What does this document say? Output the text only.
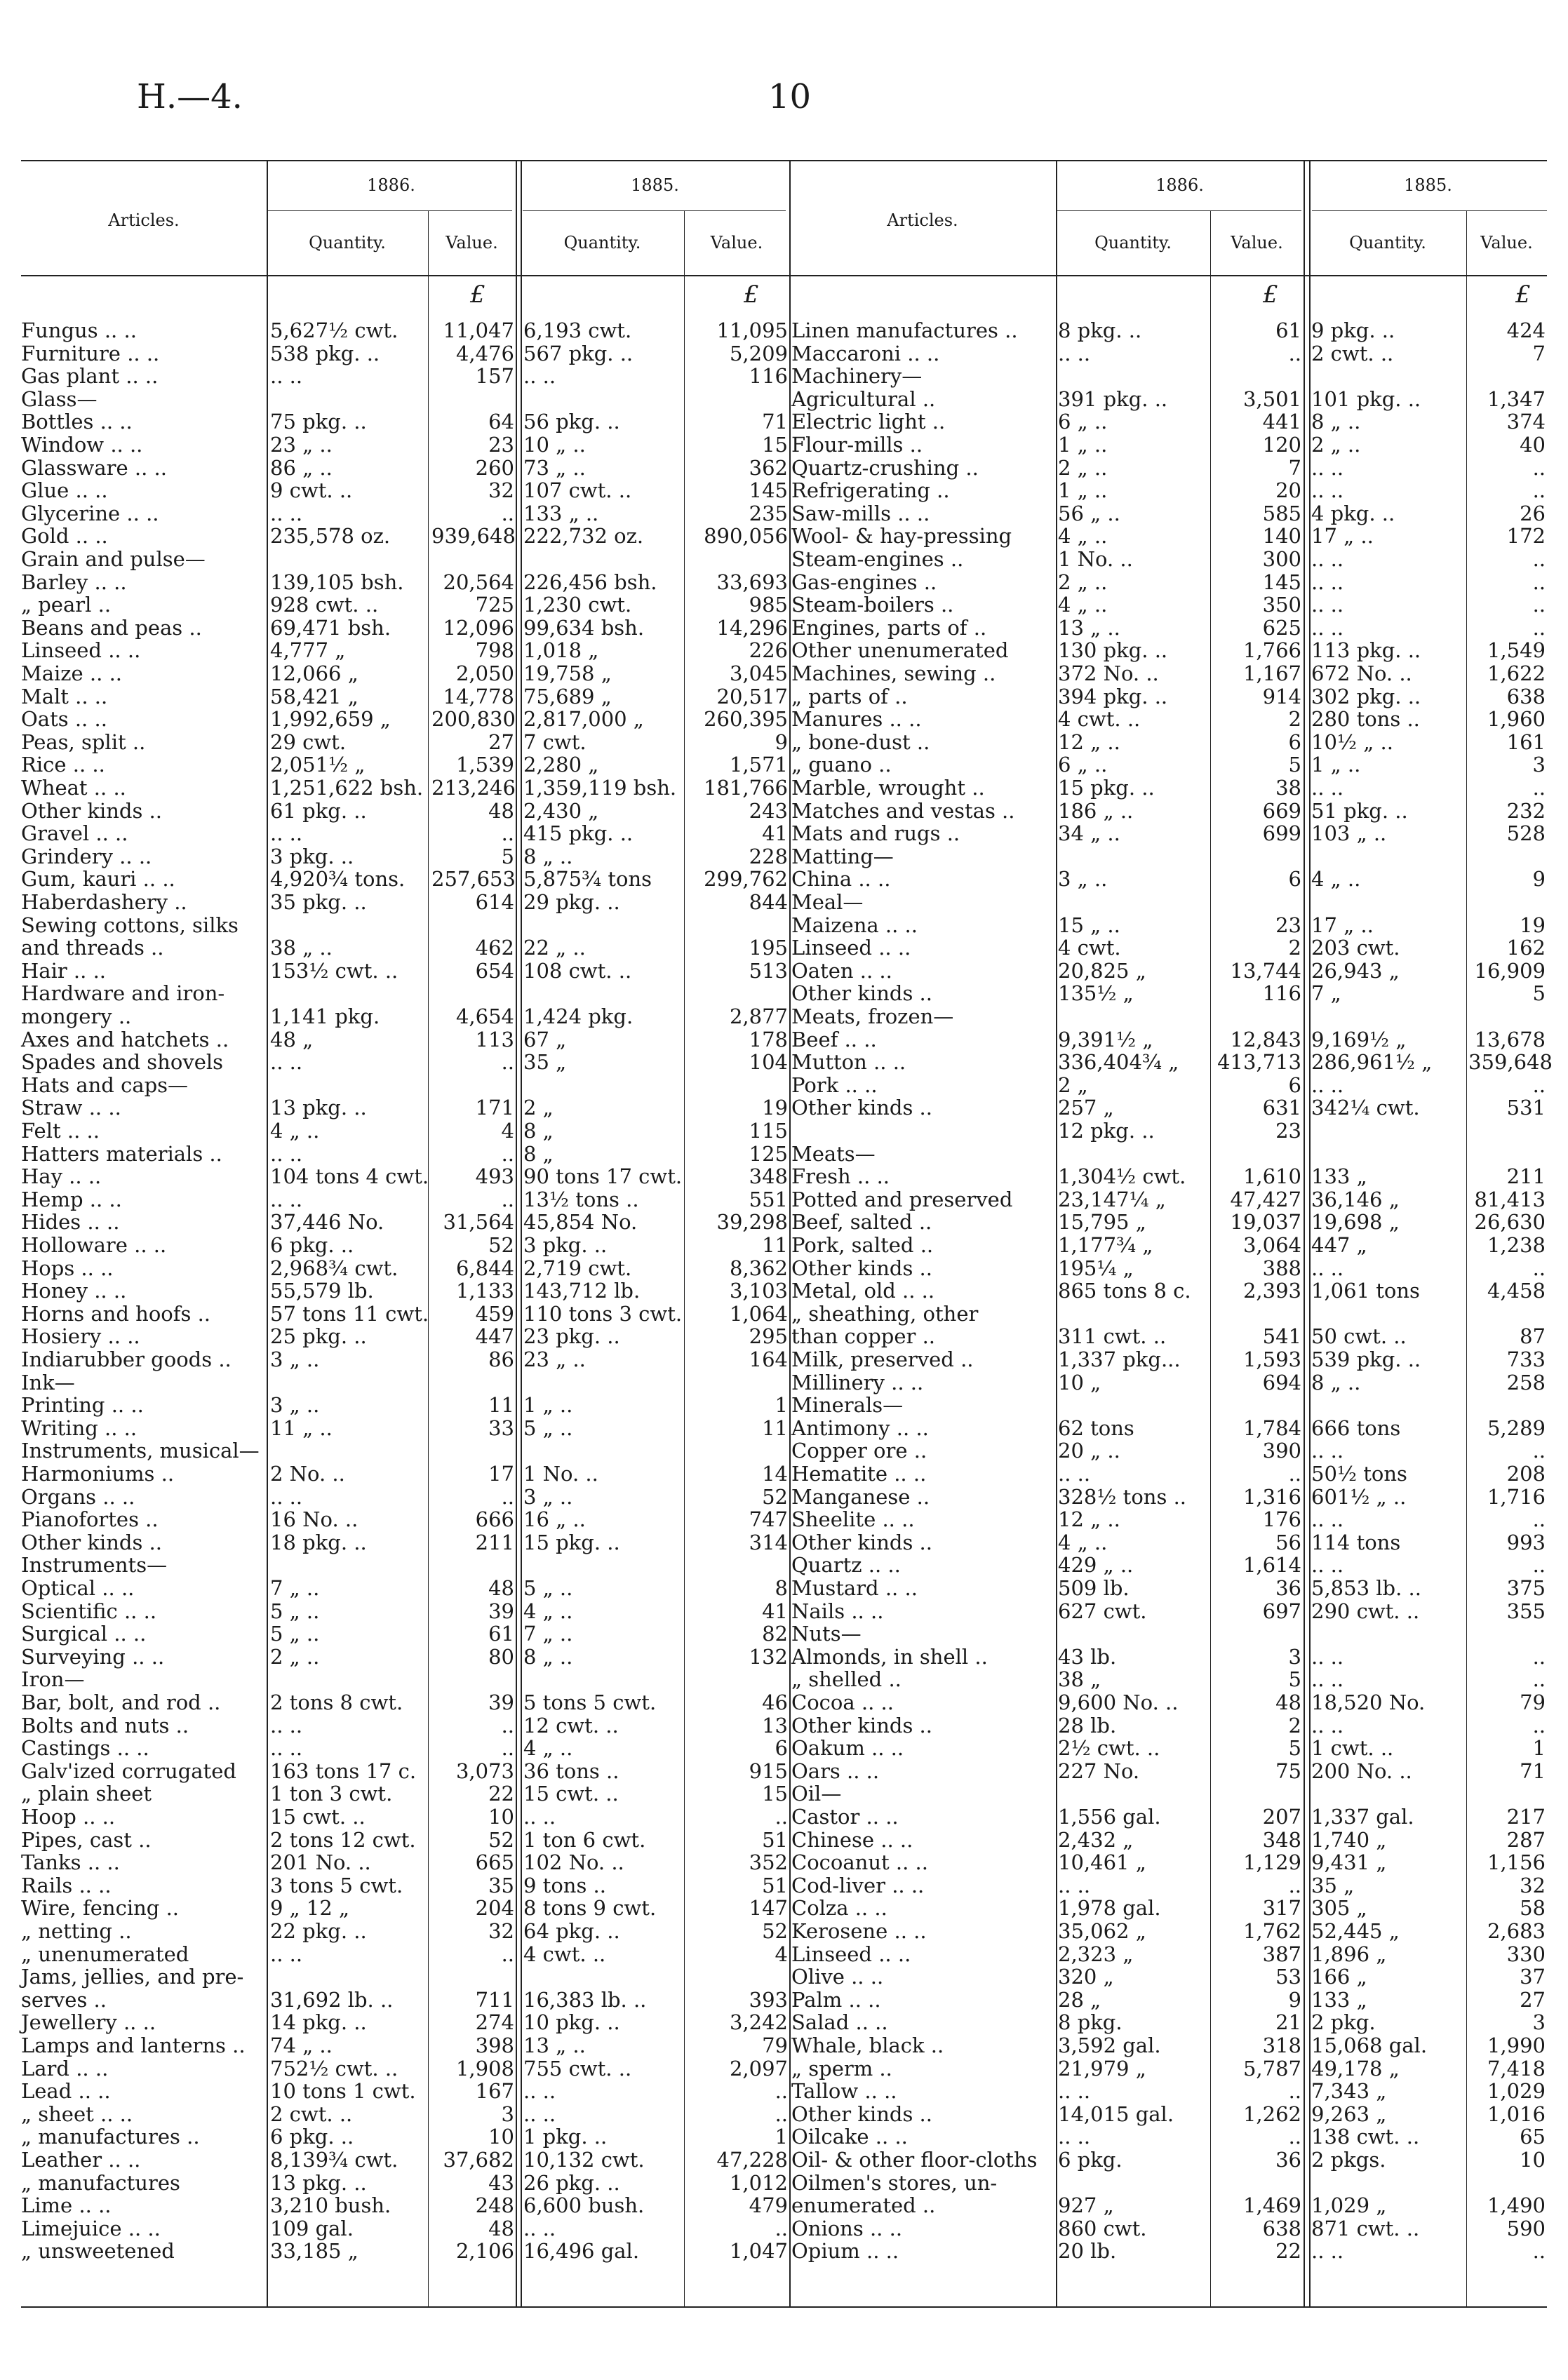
H.—4.	10
Articles.
1886.	1885.
Quantity.	Value.	Quantity.	Value.
Articles.
1886.	1885.
Quantity.	Value.	Quantity.	Value.
£	£	£	£
Fungus .. ..	5,627½ cwt.	11,047 6,193 cwt.	11,095
Furniture .. ..	538 pkg. ..	4,476 567 pkg. ..	5,209
Gas plant .. ..	.. ..	157 .. ..	116
Glass—
Bottles .. ..	75 pkg. ..	64 56 pkg. ..	71
Window .. ..	23 „ ..	23 10 „ ..	15
Glassware .. ..	86 „ ..	260 73 „ ..	362
Glue .. ..	9 cwt. ..	32 107 cwt. ..	145
Glycerine .. ..	.. ..	.. 133 „ ..	235
Gold .. ..	235,578 oz.	939,648 222,732 oz.	890,056
Grain and pulse—
Barley .. ..	139,105 bsh.	20,564 226,456 bsh.	33,693
„ pearl ..	928 cwt. ..	725 1,230 cwt.	985
Beans and peas ..	69,471 bsh.	12,096 99,634 bsh.	14,296
Linseed .. ..	4,777 „	798 1,018 „	226
Maize .. ..	12,066 „	2,050 19,758 „	3,045
Malt .. ..	58,421 „	14,778 75,689 „	20,517
Oats .. ..	1,992,659 „	200,830 2,817,000 „	260,395
Peas, split ..	29 cwt.	27 7 cwt.	9
Rice .. ..	2,051½ „	1,539 2,280 „	1,571
Wheat .. ..	1,251,622 bsh. 213,246 1,359,119 bsh.	181,766
Other kinds ..	61 pkg. ..	48 2,430 „	243
Gravel .. ..	.. ..	.. 415 pkg. ..	41
Grindery .. ..	3 pkg. ..	5 8 „ ..	228
Gum, kauri .. ..	4,920¾ tons.	257,653 5,875¾ tons	299,762
Haberdashery ..	35 pkg. ..	614 29 pkg. ..	844
Sewing cottons, silks
and threads ..	38 „ ..	462 22 „ ..	195
Hair .. ..	153½ cwt. ..	654 108 cwt. ..	513
Hardware and iron-
mongery ..	1,141 pkg.	4,654 1,424 pkg.	2,877
Axes and hatchets ..	48 „	113 67 „	178
Spades and shovels	.. ..	.. 35 „	104
Hats and caps—
Straw .. ..	13 pkg. ..	171 2 „	19
Felt .. ..	4 „ ..	4 8 „	115
Hatters materials ..	.. ..	.. 8 „	125
Hay .. ..	104 tons 4 cwt.	493 90 tons 17 cwt.	348
Hemp .. ..	.. ..	.. 13½ tons ..	551
Hides .. ..	37,446 No.	31,564 45,854 No.	39,298
Holloware .. ..	6 pkg. ..	52 3 pkg. ..	11
Hops .. ..	2,968¾ cwt.	6,844 2,719 cwt.	8,362
Honey .. ..	55,579 lb.	1,133 143,712 lb.	3,103
Horns and hoofs ..	57 tons 11 cwt.	459 110 tons 3 cwt.	1,064
Hosiery .. ..	25 pkg. ..	447 23 pkg. ..	295
Indiarubber goods ..	3 „ ..	86 23 „ ..	164
Ink—
Printing .. ..	3 „ ..	11 1 „ ..	1
Writing .. ..	11 „ ..	33 5 „ ..	11
Instruments, musical—
Harmoniums ..	2 No. ..	17 1 No. ..	14
Organs .. ..	.. ..	.. 3 „ ..	52
Pianofortes ..	16 No. ..	666 16 „ ..	747
Other kinds ..	18 pkg. ..	211 15 pkg. ..	314
Instruments—
Optical .. ..	7 „ ..	48 5 „ ..	8
Scientific .. ..	5 „ ..	39 4 „ ..	41
Surgical .. ..	5 „ ..	61 7 „ ..	82
Surveying .. ..	2 „ ..	80 8 „ ..	132
Iron—
Bar, bolt, and rod ..	2 tons 8 cwt.	39 5 tons 5 cwt.	46
Bolts and nuts ..	.. ..	.. 12 cwt. ..	13
Castings .. ..	.. ..	.. 4 „ ..	6
Galv'ized corrugated	163 tons 17 c.	3,073 36 tons ..	915
„ plain sheet	1 ton 3 cwt.	22 15 cwt. ..	15
Hoop .. ..	15 cwt. ..	10 .. ..	..
Pipes, cast ..	2 tons 12 cwt.	52 1 ton 6 cwt.	51
Tanks .. ..	201 No. ..	665 102 No. ..	352
Rails .. ..	3 tons 5 cwt.	35 9 tons ..	51
Wire, fencing ..	9 „ 12 „	204 8 tons 9 cwt.	147
„ netting ..	22 pkg. ..	32 64 pkg. ..	52
„ unenumerated	.. ..	.. 4 cwt. ..	4
Jams, jellies, and pre-
serves ..	31,692 lb. ..	711 16,383 lb. ..	393
Jewellery .. ..	14 pkg. ..	274 10 pkg. ..	3,242
Lamps and lanterns ..	74 „ ..	398 13 „ ..	79
Lard .. ..	752½ cwt. ..	1,908 755 cwt. ..	2,097
Lead .. ..	10 tons 1 cwt.	167 .. ..	..
„ sheet .. ..	2 cwt. ..	3 .. ..	..
„ manufactures ..	6 pkg. ..	10 1 pkg. ..	1
Leather .. ..	8,139¾ cwt.	37,682 10,132 cwt.	47,228
„ manufactures	13 pkg. ..	43 26 pkg. ..	1,012
Lime .. ..	3,210 bush.	248 6,600 bush.	479
Limejuice .. ..	109 gal.	48 .. ..	..
„ unsweetened	33,185 „	2,106 16,496 gal.	1,047
Linen manufactures ..	8 pkg. ..	61 9 pkg. ..	424
Maccaroni .. ..	.. ..	.. 2 cwt. ..	7
Machinery—
Agricultural ..	391 pkg. ..	3,501 101 pkg. ..	1,347
Electric light ..	6 „ ..	441 8 „ ..	374
Flour-mills ..	1 „ ..	120 2 „ ..	40
Quartz-crushing ..	2 „ ..	7 .. ..	..
Refrigerating ..	1 „ ..	20 .. ..	..
Saw-mills .. ..	56 „ ..	585 4 pkg. ..	26
Wool- & hay-pressing	4 „ ..	140 17 „ ..	172
Steam-engines ..	1 No. ..	300 .. ..	..
Gas-engines ..	2 „ ..	145 .. ..	..
Steam-boilers ..	4 „ ..	350 .. ..	..
Engines, parts of ..	13 „ ..	625 .. ..	..
Other unenumerated	130 pkg. ..	1,766 113 pkg. ..	1,549
Machines, sewing ..	372 No. ..	1,167 672 No. ..	1,622
„ parts of ..	394 pkg. ..	914 302 pkg. ..	638
Manures .. ..	4 cwt. ..	2 280 tons ..	1,960
„ bone-dust ..	12 „ ..	6 10½ „ ..	161
„ guano ..	6 „ ..	5 1 „ ..	3
Marble, wrought ..	15 pkg. ..	38 .. ..	..
Matches and vestas ..	186 „ ..	669 51 pkg. ..	232
Mats and rugs ..	34 „ ..	699 103 „ ..	528
Matting—
China .. ..	3 „ ..	6 4 „ ..	9
Meal—
Maizena .. ..	15 „ ..	23 17 „ ..	19
Linseed .. ..	4 cwt.	2 203 cwt.	162
Oaten .. ..	20,825 „	13,744 26,943 „	16,909
Other kinds ..	135½ „	116 7 „	5
Meats, frozen—
Beef .. ..	9,391½ „	12,843 9,169½ „	13,678
Mutton .. ..	336,404¾ „	413,713 286,961½ „	359,648
Pork .. ..	2 „	6 .. ..	..
Other kinds ..	257 „	631 342¼ cwt.	531
12 pkg. ..	23
Meats—
Fresh .. ..	1,304½ cwt.	1,610 133 „	211
Potted and preserved	23,147¼ „	47,427 36,146 „	81,413
Beef, salted ..	15,795 „	19,037 19,698 „	26,630
Pork, salted ..	1,177¾ „	3,064 447 „	1,238
Other kinds ..	195¼ „	388 .. ..	..
Metal, old .. ..	865 tons 8 c.	2,393 1,061 tons	4,458
„ sheathing, other
than copper ..	311 cwt. ..	541 50 cwt. ..	87
Milk, preserved ..	1,337 pkg...	1,593 539 pkg. ..	733
Millinery .. ..	10 „	694 8 „ ..	258
Minerals—
Antimony .. ..	62 tons	1,784 666 tons	5,289
Copper ore ..	20 „ ..	390 .. ..	..
Hematite .. ..	.. ..	.. 50½ tons	208
Manganese ..	328½ tons ..	1,316 601½ „ ..	1,716
Sheelite .. ..	12 „ ..	176 .. ..	..
Other kinds ..	4 „ ..	56 114 tons	993
Quartz .. ..	429 „ ..	1,614 .. ..	..
Mustard .. ..	509 lb.	36 5,853 lb. ..	375
Nails .. ..	627 cwt.	697 290 cwt. ..	355
Nuts—
Almonds, in shell ..	43 lb.	3 .. ..	..
„ shelled ..	38 „	5 .. ..	..
Cocoa .. ..	9,600 No. ..	48 18,520 No.	79
Other kinds ..	28 lb.	2 .. ..	..
Oakum .. ..	2½ cwt. ..	5 1 cwt. ..	1
Oars .. ..	227 No.	75 200 No. ..	71
Oil—
Castor .. ..	1,556 gal.	207 1,337 gal.	217
Chinese .. ..	2,432 „	348 1,740 „	287
Cocoanut .. ..	10,461 „	1,129 9,431 „	1,156
Cod-liver .. ..	.. ..	.. 35 „	32
Colza .. ..	1,978 gal.	317 305 „	58
Kerosene .. ..	35,062 „	1,762 52,445 „	2,683
Linseed .. ..	2,323 „	387 1,896 „	330
Olive .. ..	320 „	53 166 „	37
Palm .. ..	28 „	9 133 „	27
Salad .. ..	8 pkg.	21 2 pkg.	3
Whale, black ..	3,592 gal.	318 15,068 gal.	1,990
„ sperm ..	21,979 „	5,787 49,178 „	7,418
Tallow .. ..	.. ..	.. 7,343 „	1,029
Other kinds ..	14,015 gal.	1,262 9,263 „	1,016
Oilcake .. ..	.. ..	.. 138 cwt. ..	65
Oil- & other floor-cloths	6 pkg.	36 2 pkgs.	10
Oilmen's stores, un-
enumerated ..	927 „	1,469 1,029 „	1,490
Onions .. ..	860 cwt.	638 871 cwt. ..	590
Opium .. ..	20 lb.	22 .. ..	..
